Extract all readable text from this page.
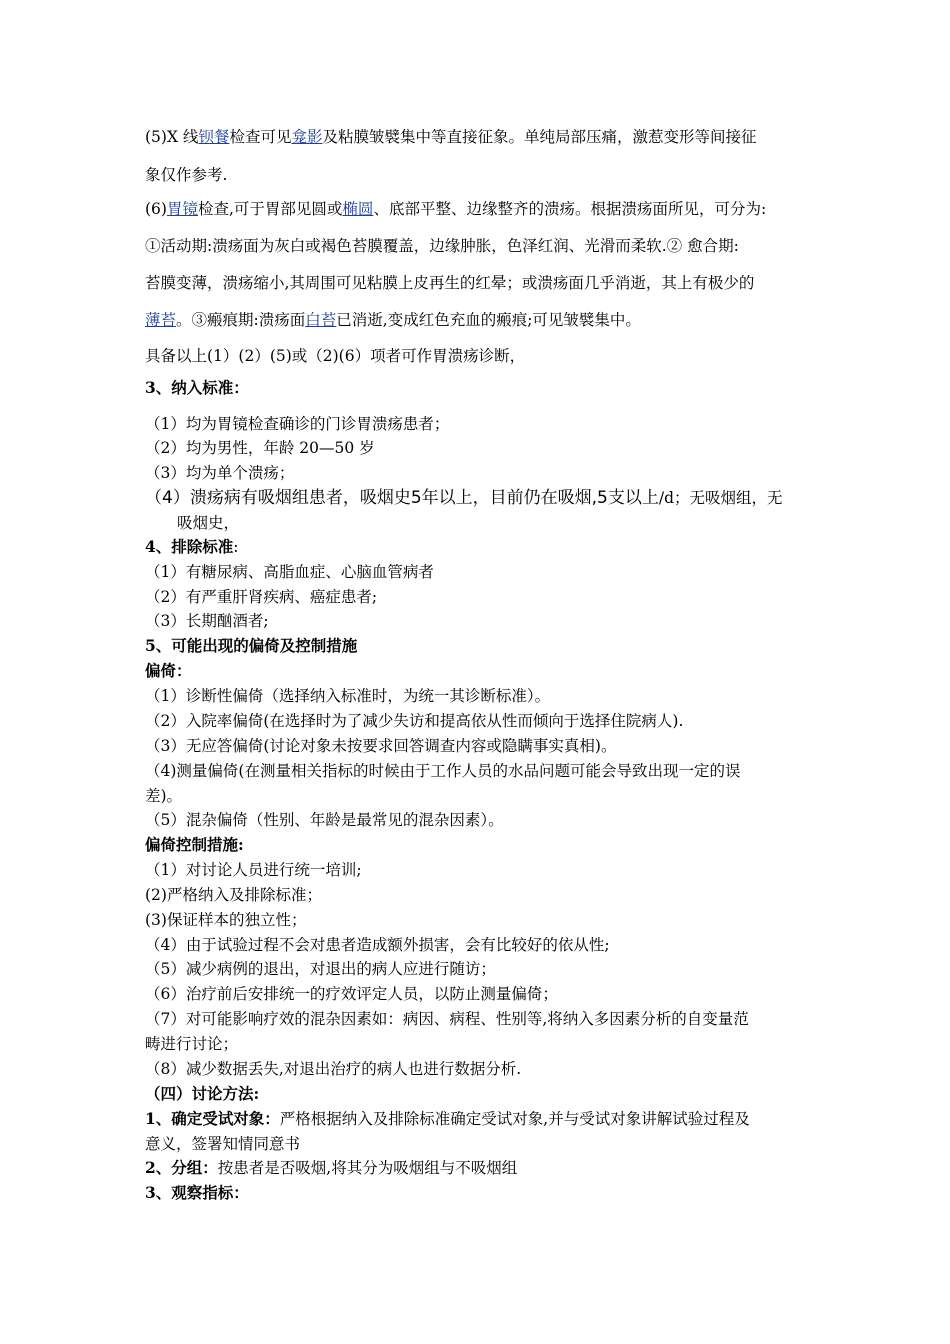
(5)X 线钡餐检查可见龛影及粘膜皱襞集中等直接征象。单纯局部压痛，激惹变形等间接征

象仅作参考.

(6)胃镜检查,可于胃部见圆或椭圆、底部平整、边缘整齐的溃疡。根据溃疡面所见，可分为:

①活动期:溃疡面为灰白或褐色苔膜覆盖，边缘肿胀，色泽红润、光滑而柔软.② 愈合期:

苔膜变薄，溃疡缩小,其周围可见粘膜上皮再生的红晕；或溃疡面几乎消逝，其上有极少的

薄苔。③瘢痕期:溃疡面白苔已消逝,变成红色充血的瘢痕;可见皱襞集中。

具备以上(1）(2）(5)或（2)(6）项者可作胃溃疡诊断，

3、纳入标准：

（1）均为胃镜检查确诊的门诊胃溃疡患者；

（2）均为男性，年龄 20—50 岁

（3）均为单个溃疡；

（4）溃疡病有吸烟组患者，吸烟史5年以上，目前仍在吸烟,5支以上/d；无吸烟组，无

吸烟史，

4、排除标准:

（1）有糖尿病、高脂血症、心脑血管病者

（2）有严重肝肾疾病、癌症患者;

（3）长期酗酒者;

5、可能出现的偏倚及控制措施

偏倚：

（1）诊断性偏倚（选择纳入标准时，为统一其诊断标准）。

（2）入院率偏倚(在选择时为了减少失访和提高依从性而倾向于选择住院病人).

（3）无应答偏倚(讨论对象未按要求回答调查内容或隐瞒事实真相)。

（4)测量偏倚(在测量相关指标的时候由于工作人员的水品问题可能会导致出现一定的误

差)。

（5）混杂偏倚（性别、年龄是最常见的混杂因素）。

偏倚控制措施:

（1）对讨论人员进行统一培训;

(2)严格纳入及排除标准；

(3)保证样本的独立性；

（4）由于试验过程不会对患者造成额外损害，会有比较好的依从性;

（5）减少病例的退出，对退出的病人应进行随访；

（6）治疗前后安排统一的疗效评定人员，以防止测量偏倚；

（7）对可能影响疗效的混杂因素如：病因、病程、性别等,将纳入多因素分析的自变量范

畴进行讨论；

（8）减少数据丢失,对退出治疗的病人也进行数据分析.

（四）讨论方法:

1、确定受试对象：严格根据纳入及排除标准确定受试对象,并与受试对象讲解试验过程及

意义，签署知情同意书

2、分组：按患者是否吸烟,将其分为吸烟组与不吸烟组

3、观察指标：
